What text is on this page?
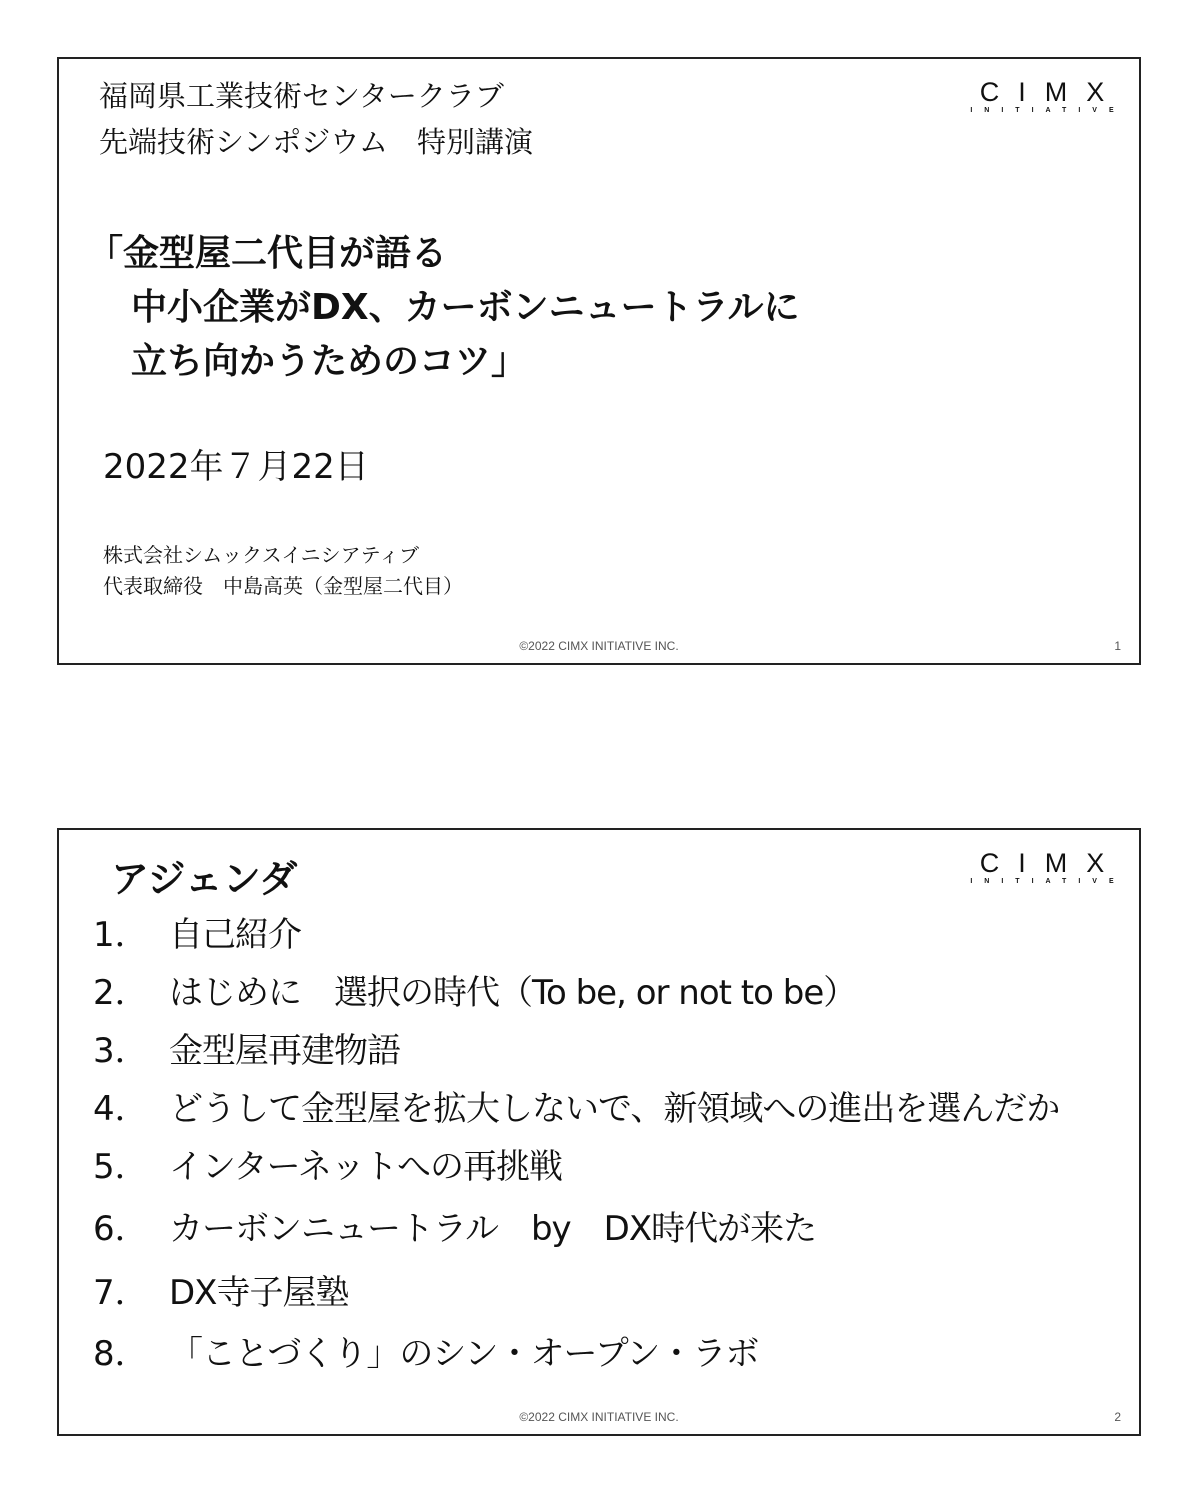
CIMX
INITIATIVE
福岡県工業技術センタークラブ
先端技術シンポジウム　特別講演
「金型屋二代目が語る
中小企業がDX、カーボンニュートラルに
立ち向かうためのコツ」
2022年７月22日
株式会社シムックスイニシアティブ
代表取締役　中島高英（金型屋二代目）
©2022 CIMX INITIATIVE INC.	1
CIMX
INITIATIVE
アジェンダ
1． 自己紹介
2． はじめに　選択の時代（To be, or not to be）
3． 金型屋再建物語
4． どうして金型屋を拡大しないで、新領域への進出を選んだか
5． インターネットへの再挑戦
6． カーボンニュートラル　by　DX時代が来た
7． DX寺子屋塾
8． 「ことづくり」のシン・オープン・ラボ
©2022 CIMX INITIATIVE INC.	2
